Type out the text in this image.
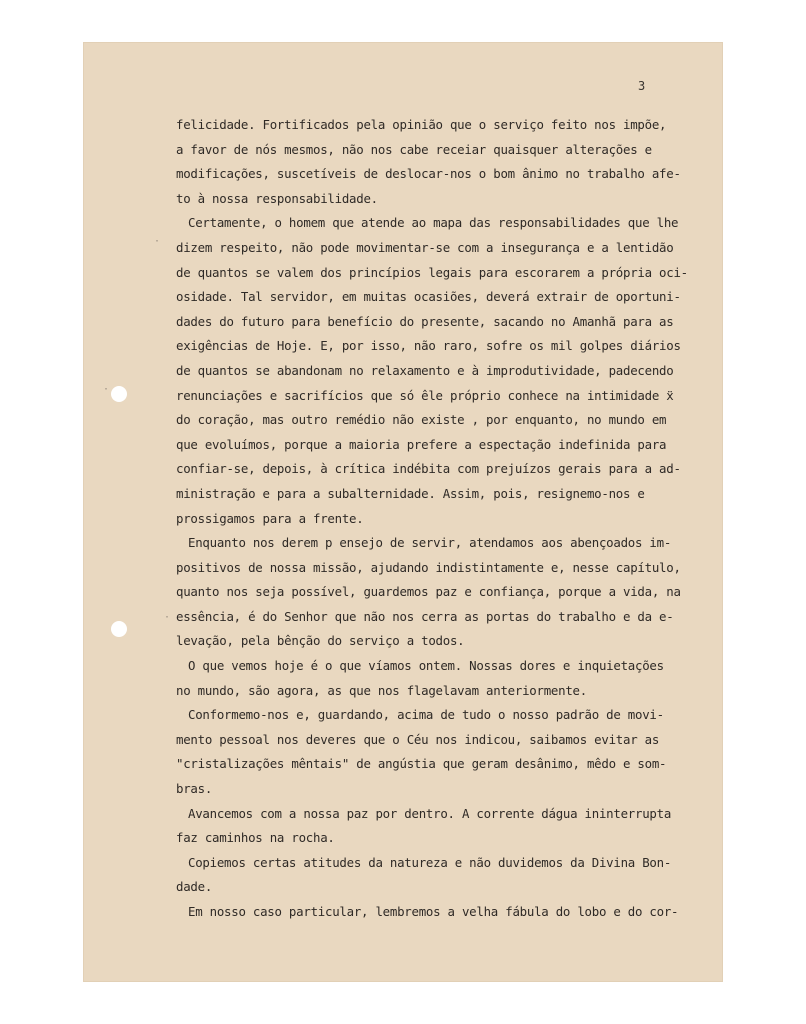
3
felicidade. Fortificados pela opinião que o serviço feito nos impõe,
a favor de nós mesmos, não nos cabe receiar quaisquer alterações e
modificações, suscetíveis de deslocar-nos o bom ânimo no trabalho afe-
to à nossa responsabilidade.
Certamente, o homem que atende ao mapa das responsabilidades que lhe
dizem respeito, não pode movimentar-se com a insegurança e a lentidão
de quantos se valem dos princípios legais para escorarem a própria oci-
osidade. Tal servidor, em muitas ocasiões, deverá extrair de oportuni-
dades do futuro para benefício do presente, sacando no Amanhã para as
exigências de Hoje. E, por isso, não raro, sofre os mil golpes diários
de quantos se abandonam no relaxamento e à improdutividade, padecendo
renunciações e sacrifícios que só êle próprio conhece na intimidade ẍ
do coração, mas outro remédio não existe , por enquanto, no mundo em
que evoluímos, porque a maioria prefere a espectação indefinida para
confiar-se, depois, à crítica indébita com prejuízos gerais para a ad-
ministração e para a subalternidade. Assim, pois, resignemo-nos e
prossigamos para a frente.
Enquanto nos derem p ensejo de servir, atendamos aos abençoados im-
positivos de nossa missão, ajudando indistintamente e, nesse capítulo,
quanto nos seja possível, guardemos paz e confiança, porque a vida, na
essência, é do Senhor que não nos cerra as portas do trabalho e da e-
levação, pela bênção do serviço a todos.
O que vemos hoje é o que víamos ontem. Nossas dores e inquietações
no mundo, são agora, as que nos flagelavam anteriormente.
Conformemo-nos e, guardando, acima de tudo o nosso padrão de movi-
mento pessoal nos deveres que o Céu nos indicou, saibamos evitar as
"cristalizações mêntais" de angústia que geram desânimo, mêdo e som-
bras.
Avancemos com a nossa paz por dentro. A corrente dágua ininterrupta
faz caminhos na rocha.
Copiemos certas atitudes da natureza e não duvidemos da Divina Bon-
dade.
Em nosso caso particular, lembremos a velha fábula do lobo e do cor-
·
·
·
